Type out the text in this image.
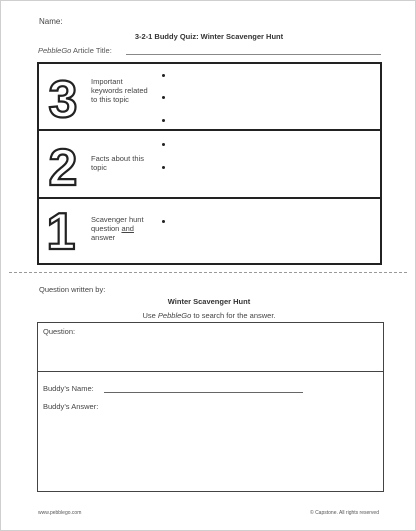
Name:
3-2-1 Buddy Quiz: Winter Scavenger Hunt
PebbleGo Article Title:
3 Important keywords related to this topic
2 Facts about this topic
1 Scavenger hunt question and answer
Question written by:
Winter Scavenger Hunt
Use PebbleGo to search for the answer.
Question:
Buddy’s Name:
Buddy’s Answer:
www.pebblego.com	© Capstone. All rights reserved
